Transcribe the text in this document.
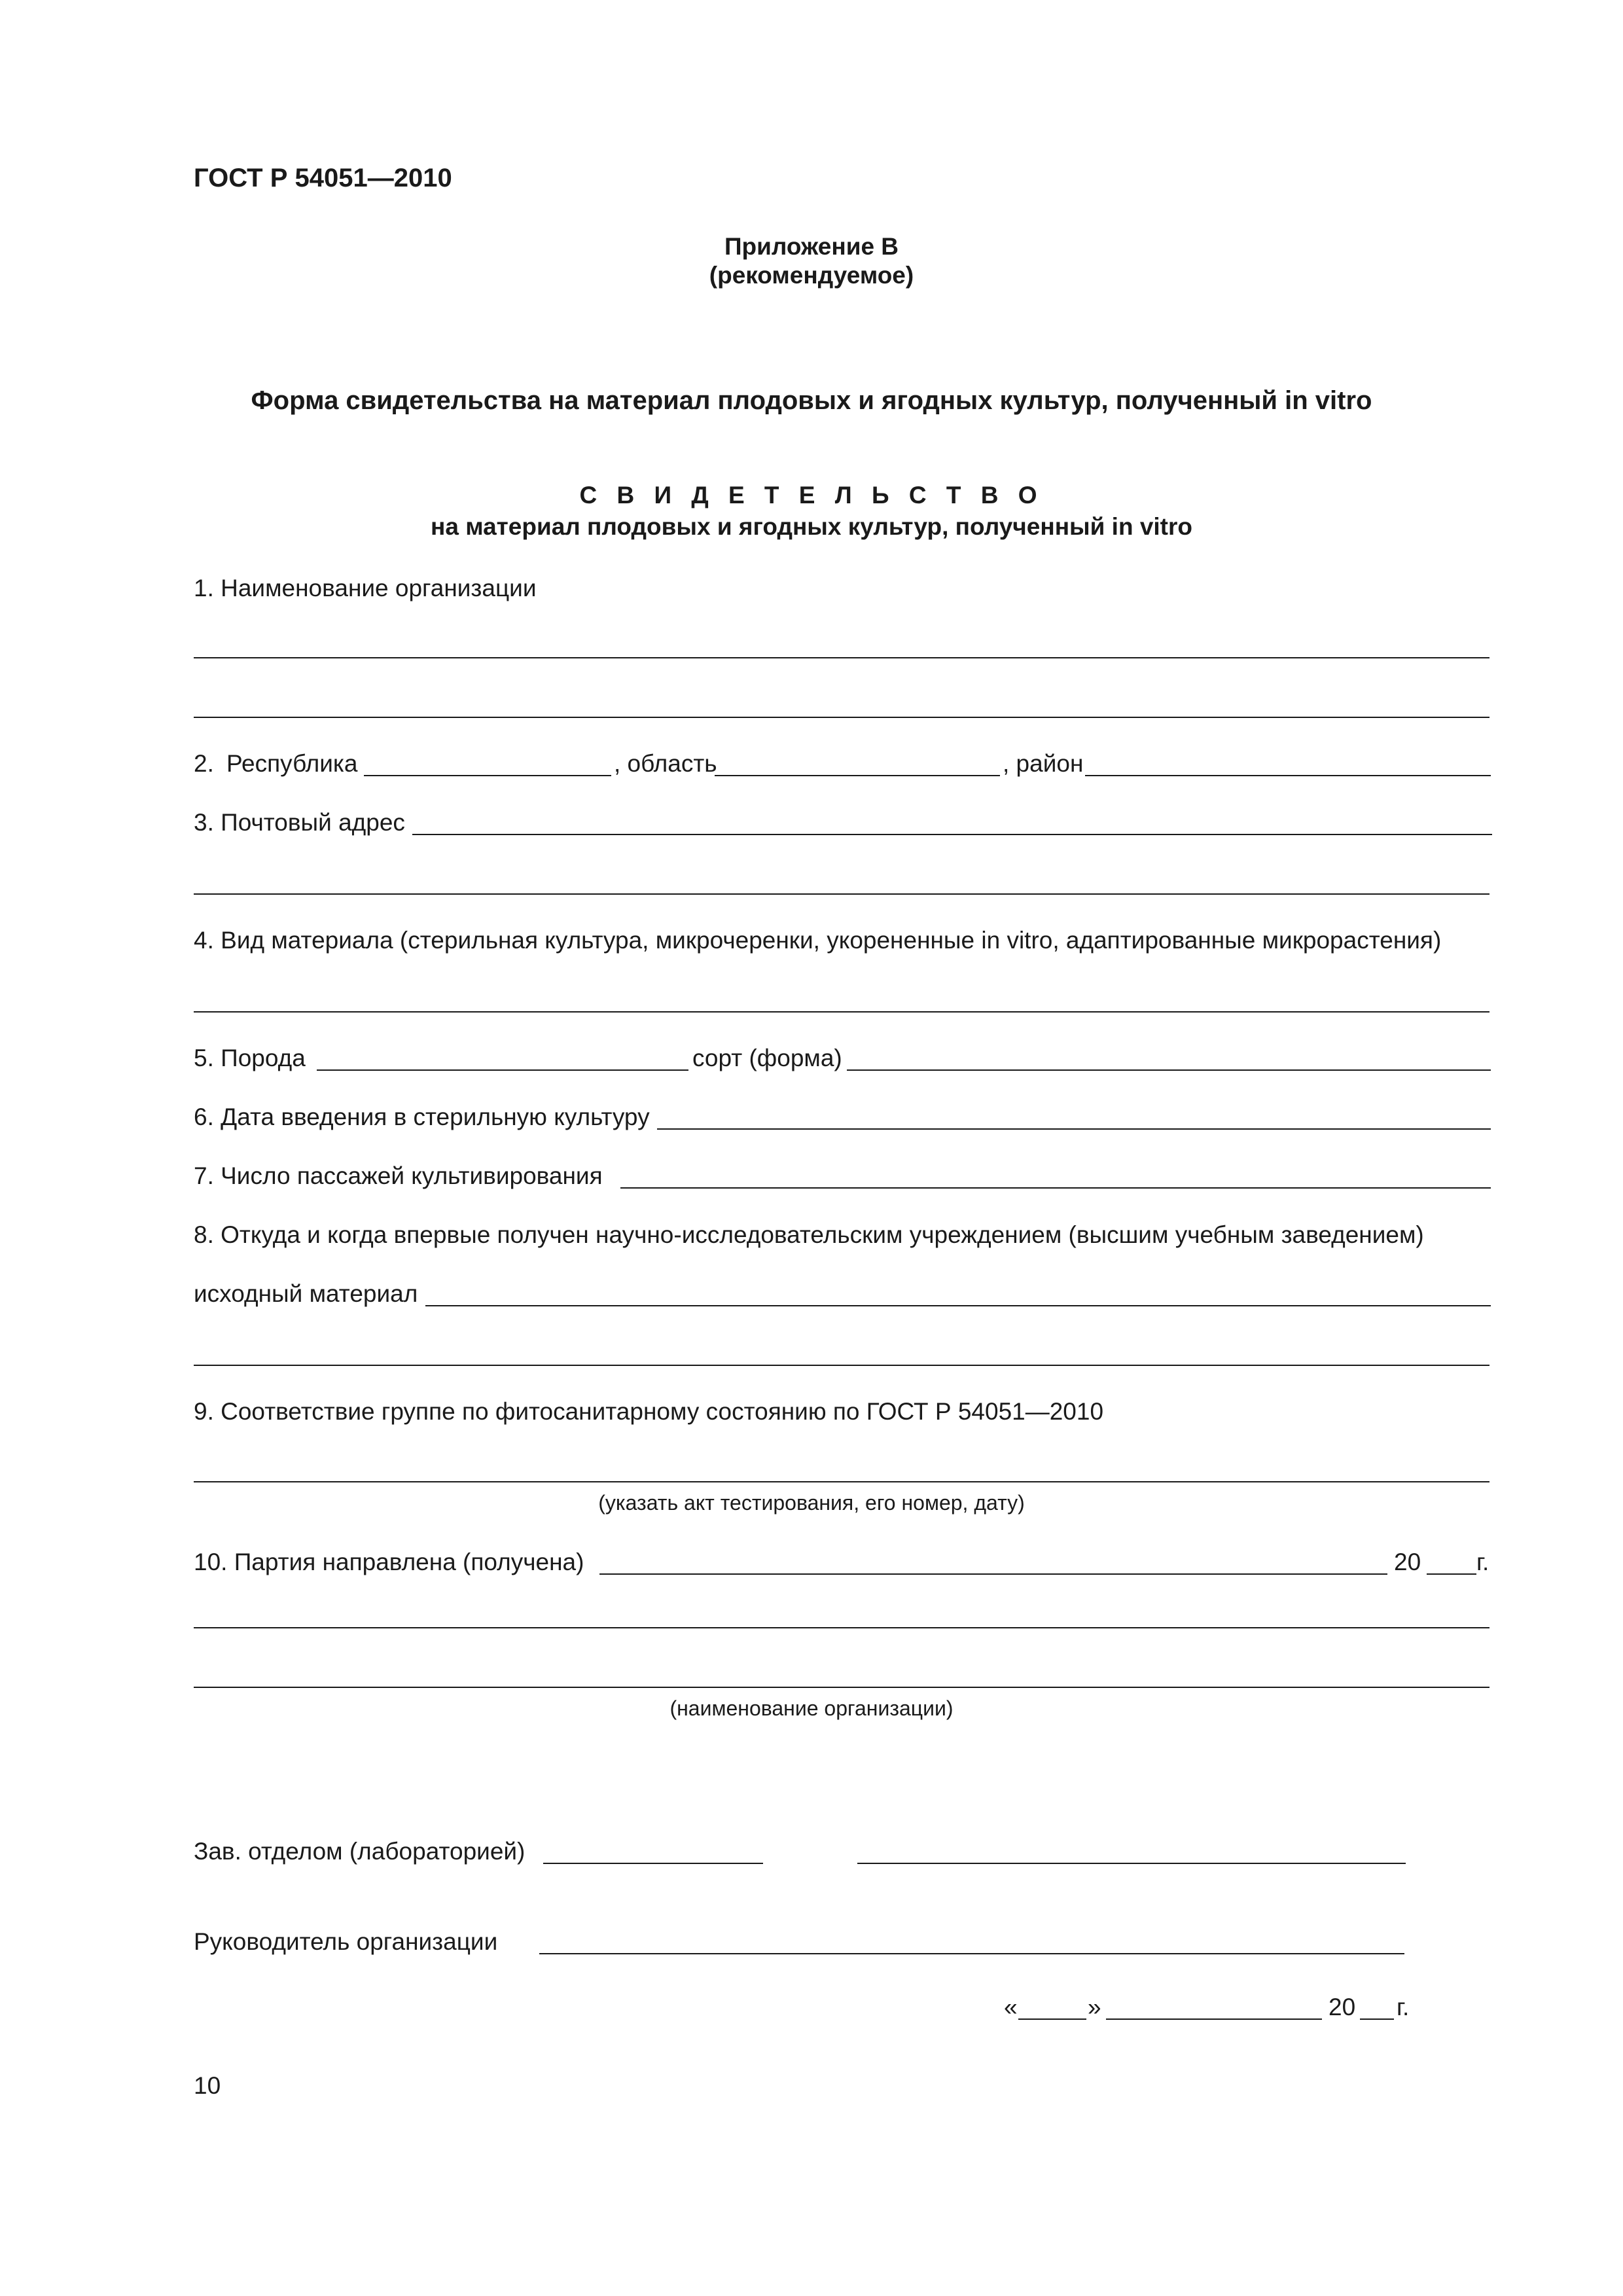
ГОСТ Р 54051—2010
Приложение В
(рекомендуемое)
Форма свидетельства на материал плодовых и ягодных культур, полученный in vitro
С В И Д Е Т Е Л Ь С Т В О
на материал плодовых и ягодных культур, полученный in vitro
1. Наименование организации
2. Республика	, область	, район
3. Почтовый адрес
4. Вид материала (стерильная культура, микрочеренки, укорененные in vitro, адаптированные микрорастения)
5. Порода	сорт (форма)
6. Дата введения в стерильную культуру
7. Число пассажей культивирования
8. Откуда и когда впервые получен научно-исследовательским учреждением (высшим учебным заведением)
исходный материал
9. Соответствие группе по фитосанитарному состоянию по ГОСТ Р 54051—2010
(указать акт тестирования, его номер, дату)
10. Партия направлена (получена)	20 г.
(наименование организации)
Зав. отделом (лабораторией)
Руководитель организации
«	»	20 г.
10
